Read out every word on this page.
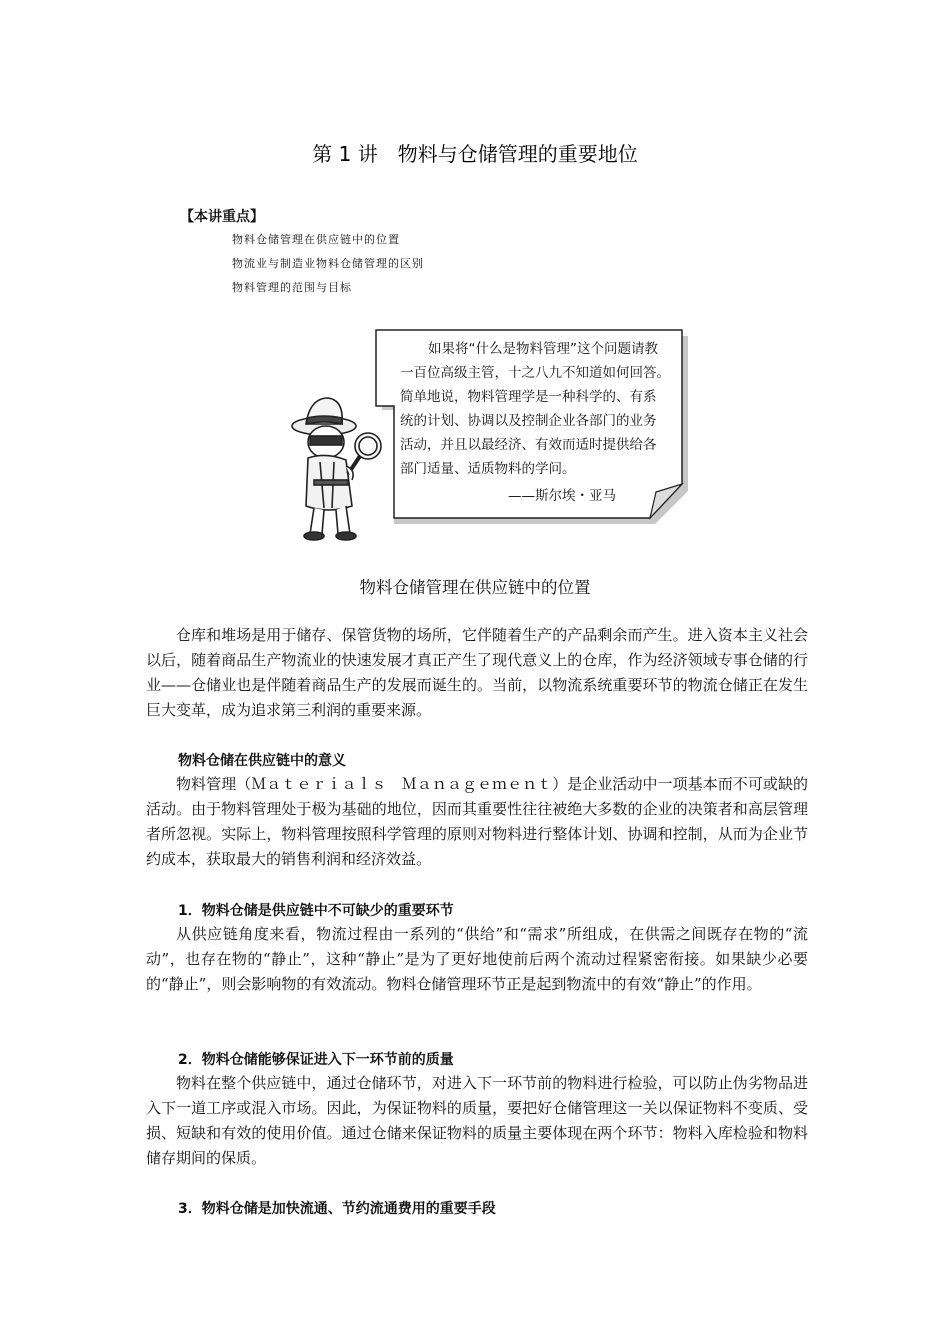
第 1 讲　物料与仓储管理的重要地位
【本讲重点】
物料仓储管理在供应链中的位置
物流业与制造业物料仓储管理的区别
物料管理的范围与目标
如果将“什么是物料管理”这个问题请教
一百位高级主管，十之八九不知道如何回答。
简单地说，物料管理学是一种科学的、有系
统的计划、协调以及控制企业各部门的业务
活动，并且以最经济、有效而适时提供给各
部门适量、适质物料的学问。
——斯尔埃・亚马
物料仓储管理在供应链中的位置

仓库和堆场是用于储存、保管货物的场所，它伴随着生产的产品剩余而产生。进入资本主义社会以后，随着商品生产物流业的快速发展才真正产生了现代意义上的仓库，作为经济领域专事仓储的行业——仓储业也是伴随着商品生产的发展而诞生的。当前，以物流系统重要环节的物流仓储正在发生巨大变革，成为追求第三利润的重要来源。

物料仓储在供应链中的意义

物料管理（Ｍａｔｅｒｉａｌｓ　Ｍａｎａｇｅｍｅｎｔ）是企业活动中一项基本而不可或缺的活动。由于物料管理处于极为基础的地位，因而其重要性往往被绝大多数的企业的决策者和高层管理者所忽视。实际上，物料管理按照科学管理的原则对物料进行整体计划、协调和控制，从而为企业节约成本，获取最大的销售利润和经济效益。

1．物料仓储是供应链中不可缺少的重要环节

从供应链角度来看，物流过程由一系列的“供给”和“需求”所组成，在供需之间既存在物的“流动”，也存在物的“静止”，这种“静止”是为了更好地使前后两个流动过程紧密衔接。如果缺少必要的“静止”，则会影响物的有效流动。物料仓储管理环节正是起到物流中的有效“静止”的作用。

2．物料仓储能够保证进入下一环节前的质量

物料在整个供应链中，通过仓储环节，对进入下一环节前的物料进行检验，可以防止伪劣物品进入下一道工序或混入市场。因此，为保证物料的质量，要把好仓储管理这一关以保证物料不变质、受损、短缺和有效的使用价值。通过仓储来保证物料的质量主要体现在两个环节：物料入库检验和物料储存期间的保质。

3．物料仓储是加快流通、节约流通费用的重要手段
